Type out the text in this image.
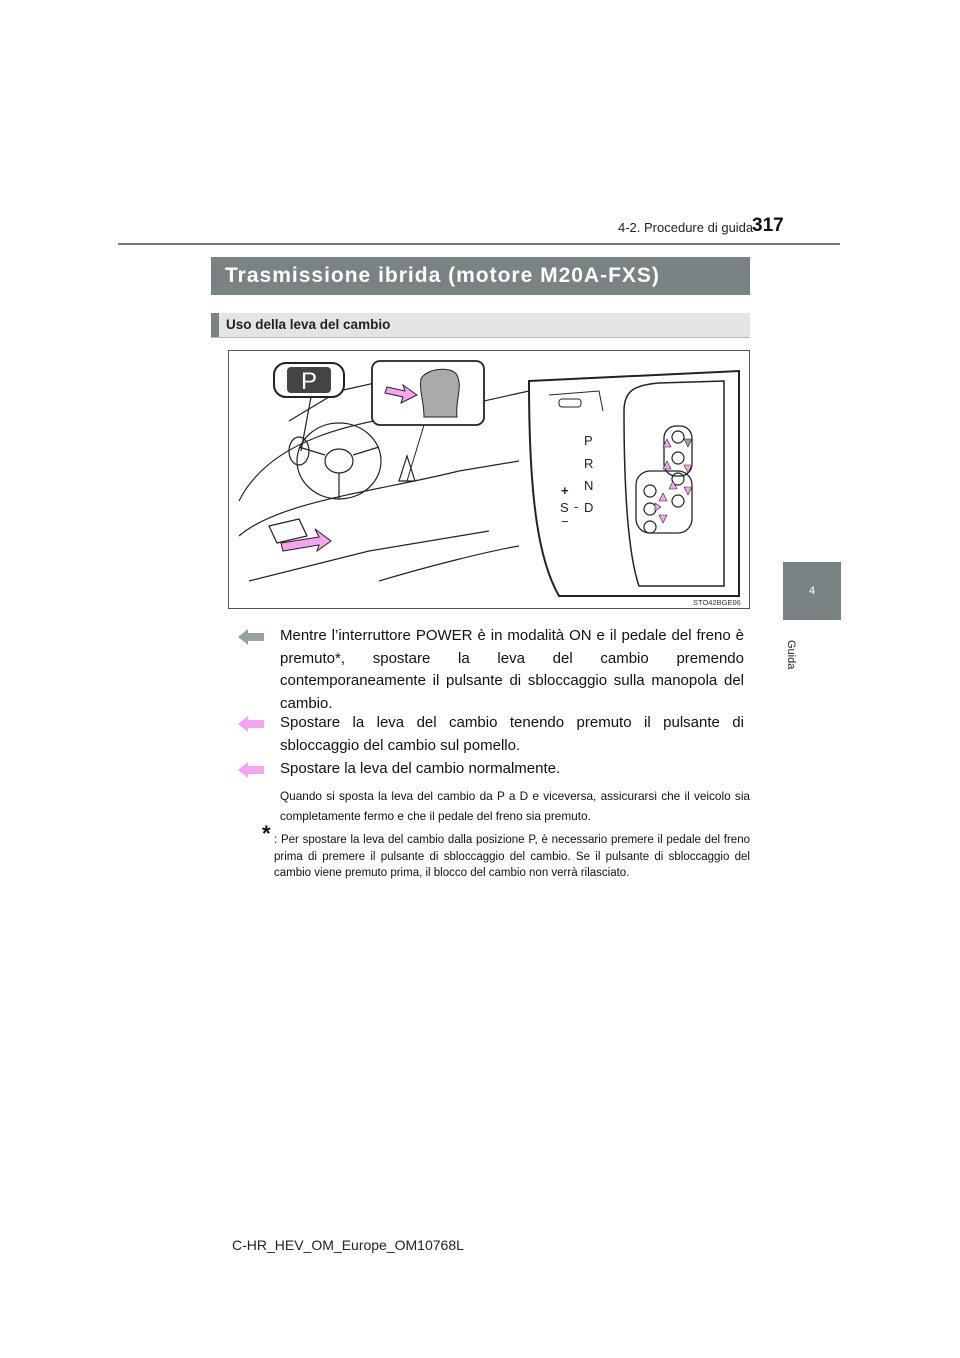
4-2. Procedure di guida
317
Trasmissione ibrida (motore M20A-FXS)
Uso della leva del cambio
P
P
R
N
D
+
S -
−
STO42BGE06
4
Guida
Mentre l’interruttore POWER è in modalità ON e il pedale del freno è premuto*, spostare la leva del cambio premendo contemporaneamente il pulsante di sbloccaggio sulla manopola del cambio.
Spostare la leva del cambio tenendo premuto il pulsante di sbloccaggio del cambio sul pomello.
Spostare la leva del cambio normalmente.
Quando si sposta la leva del cambio da P a D e viceversa, assicurarsi che il veicolo sia completamente fermo e che il pedale del freno sia premuto.
* : Per spostare la leva del cambio dalla posizione P, è necessario premere il pedale del freno prima di premere il pulsante di sbloccaggio del cambio. Se il pulsante di sbloccaggio del cambio viene premuto prima, il blocco del cambio non verrà rilasciato.
C-HR_HEV_OM_Europe_OM10768L
